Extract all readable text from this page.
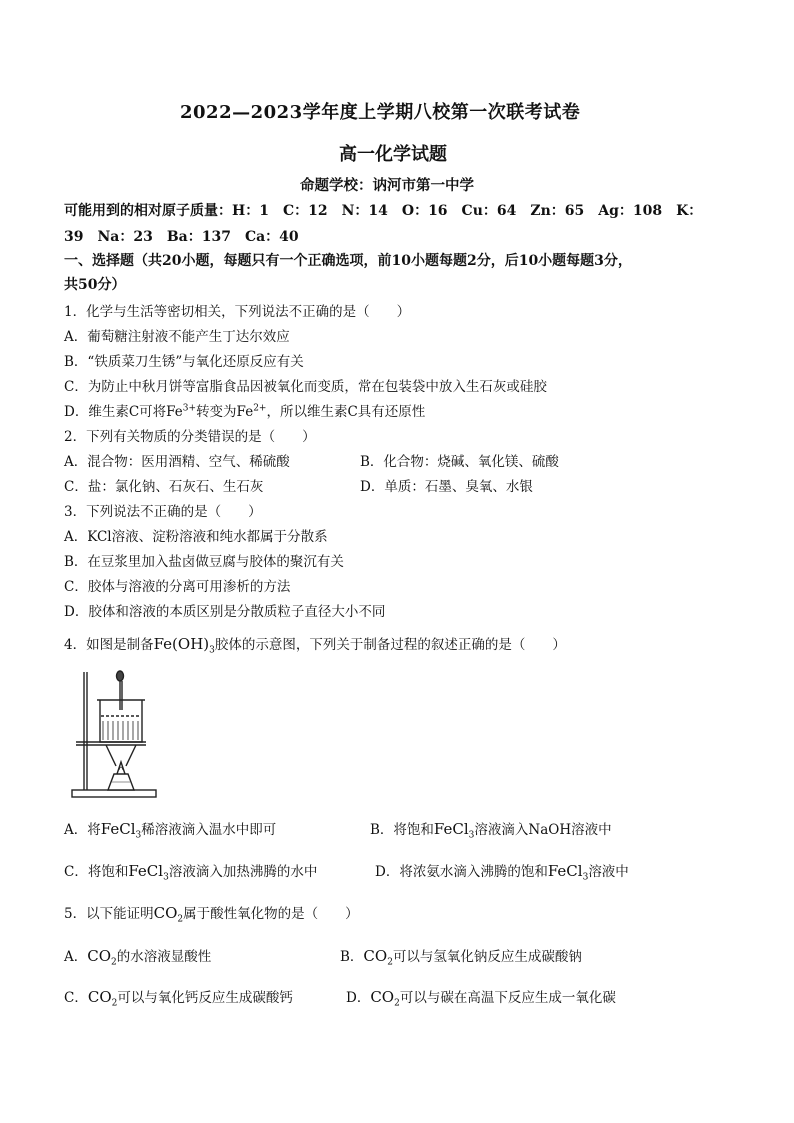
2022—2023学年度上学期八校第一次联考试卷
高一化学试题
命题学校：讷河市第一中学
可能用到的相对原子质量：H：1　C：12　N：14　O：16　Cu：64　Zn：65　Ag：108　K：
39　Na：23　Ba：137　Ca：40
一、选择题（共20小题，每题只有一个正确选项，前10小题每题2分，后10小题每题3分，
共50分）
1．化学与生活等密切相关，下列说法不正确的是（　　）
A．葡萄糖注射液不能产生丁达尔效应
B．“铁质菜刀生锈”与氧化还原反应有关
C．为防止中秋月饼等富脂食品因被氧化而变质，常在包装袋中放入生石灰或硅胶
D．维生素C可将$Fe^{3+}$转变为$Fe^{2+}$，所以维生素C具有还原性
2．下列有关物质的分类错误的是（　　）
A．混合物：医用酒精、空气、稀硫酸	B．化合物：烧碱、氧化镁、硫酸
C．盐：氯化钠、石灰石、生石灰	D．单质：石墨、臭氧、水银
3．下列说法不正确的是（　　）
A．KCl溶液、淀粉溶液和纯水都属于分散系
B．在豆浆里加入盐卤做豆腐与胶体的聚沉有关
C．胶体与溶液的分离可用渗析的方法
D．胶体和溶液的本质区别是分散质粒子直径大小不同
4．如图是制备$Fe(OH)_3$胶体的示意图，下列关于制备过程的叙述正确的是（　　）
A．将FeCl$_3$稀溶液滴入温水中即可	B．将饱和FeCl$_3$溶液滴入NaOH溶液中
C．将饱和FeCl$_3$溶液滴入加热沸腾的水中	D．将浓氨水滴入沸腾的饱和FeCl$_3$溶液中
5．以下能证明$CO_2$属于酸性氧化物的是（　　）
A．$CO_2$的水溶液显酸性	B．$CO_2$可以与氢氧化钠反应生成碳酸钠
C．$CO_2$可以与氧化钙反应生成碳酸钙	D．$CO_2$可以与碳在高温下反应生成一氧化碳
